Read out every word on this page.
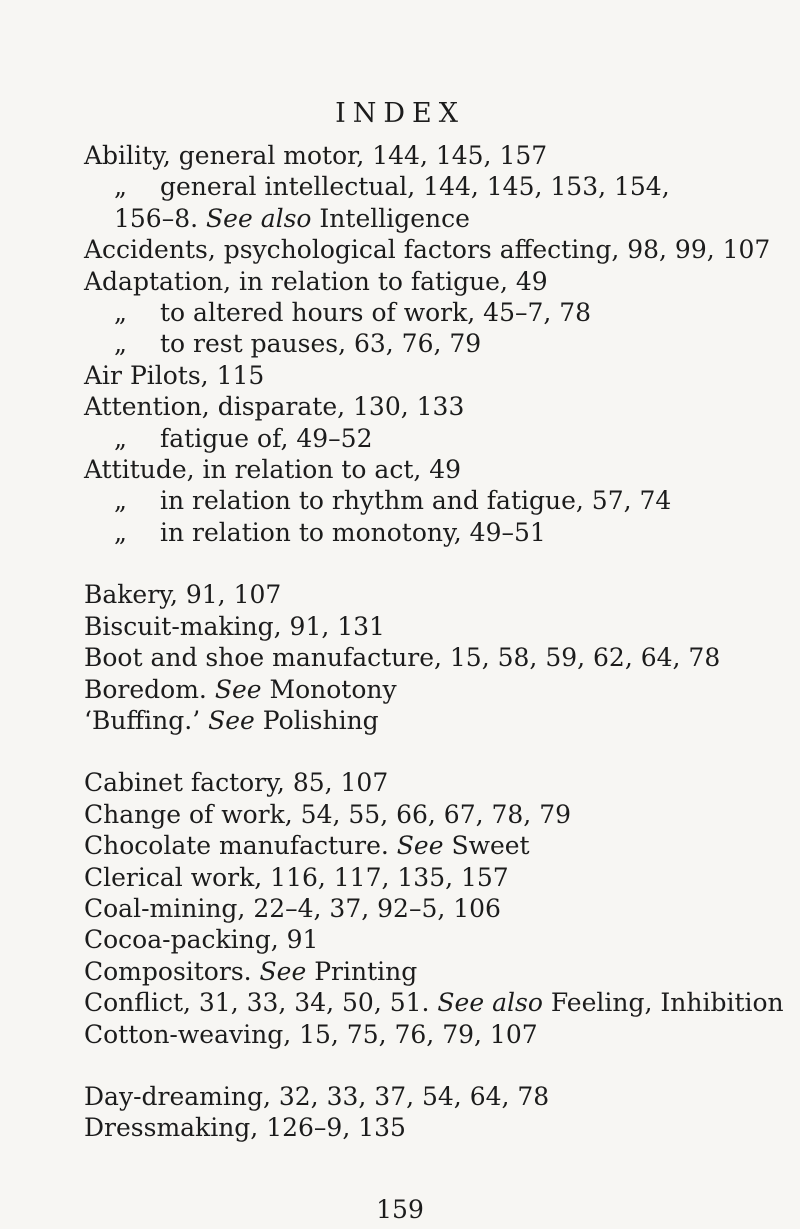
INDEX
Ability, general motor, 144, 145, 157
„ general intellectual, 144, 145, 153, 154,
156–8. See also Intelligence
Accidents, psychological factors affecting, 98, 99, 107
Adaptation, in relation to fatigue, 49
„ to altered hours of work, 45–7, 78
„ to rest pauses, 63, 76, 79
Air Pilots, 115
Attention, disparate, 130, 133
„ fatigue of, 49–52
Attitude, in relation to act, 49
„ in relation to rhythm and fatigue, 57, 74
„ in relation to monotony, 49–51
Bakery, 91, 107
Biscuit-making, 91, 131
Boot and shoe manufacture, 15, 58, 59, 62, 64, 78
Boredom. See Monotony
‘Buffing.’ See Polishing
Cabinet factory, 85, 107
Change of work, 54, 55, 66, 67, 78, 79
Chocolate manufacture. See Sweet
Clerical work, 116, 117, 135, 157
Coal-mining, 22–4, 37, 92–5, 106
Cocoa-packing, 91
Compositors. See Printing
Conflict, 31, 33, 34, 50, 51. See also Feeling, Inhibition
Cotton-weaving, 15, 75, 76, 79, 107
Day-dreaming, 32, 33, 37, 54, 64, 78
Dressmaking, 126–9, 135
159
